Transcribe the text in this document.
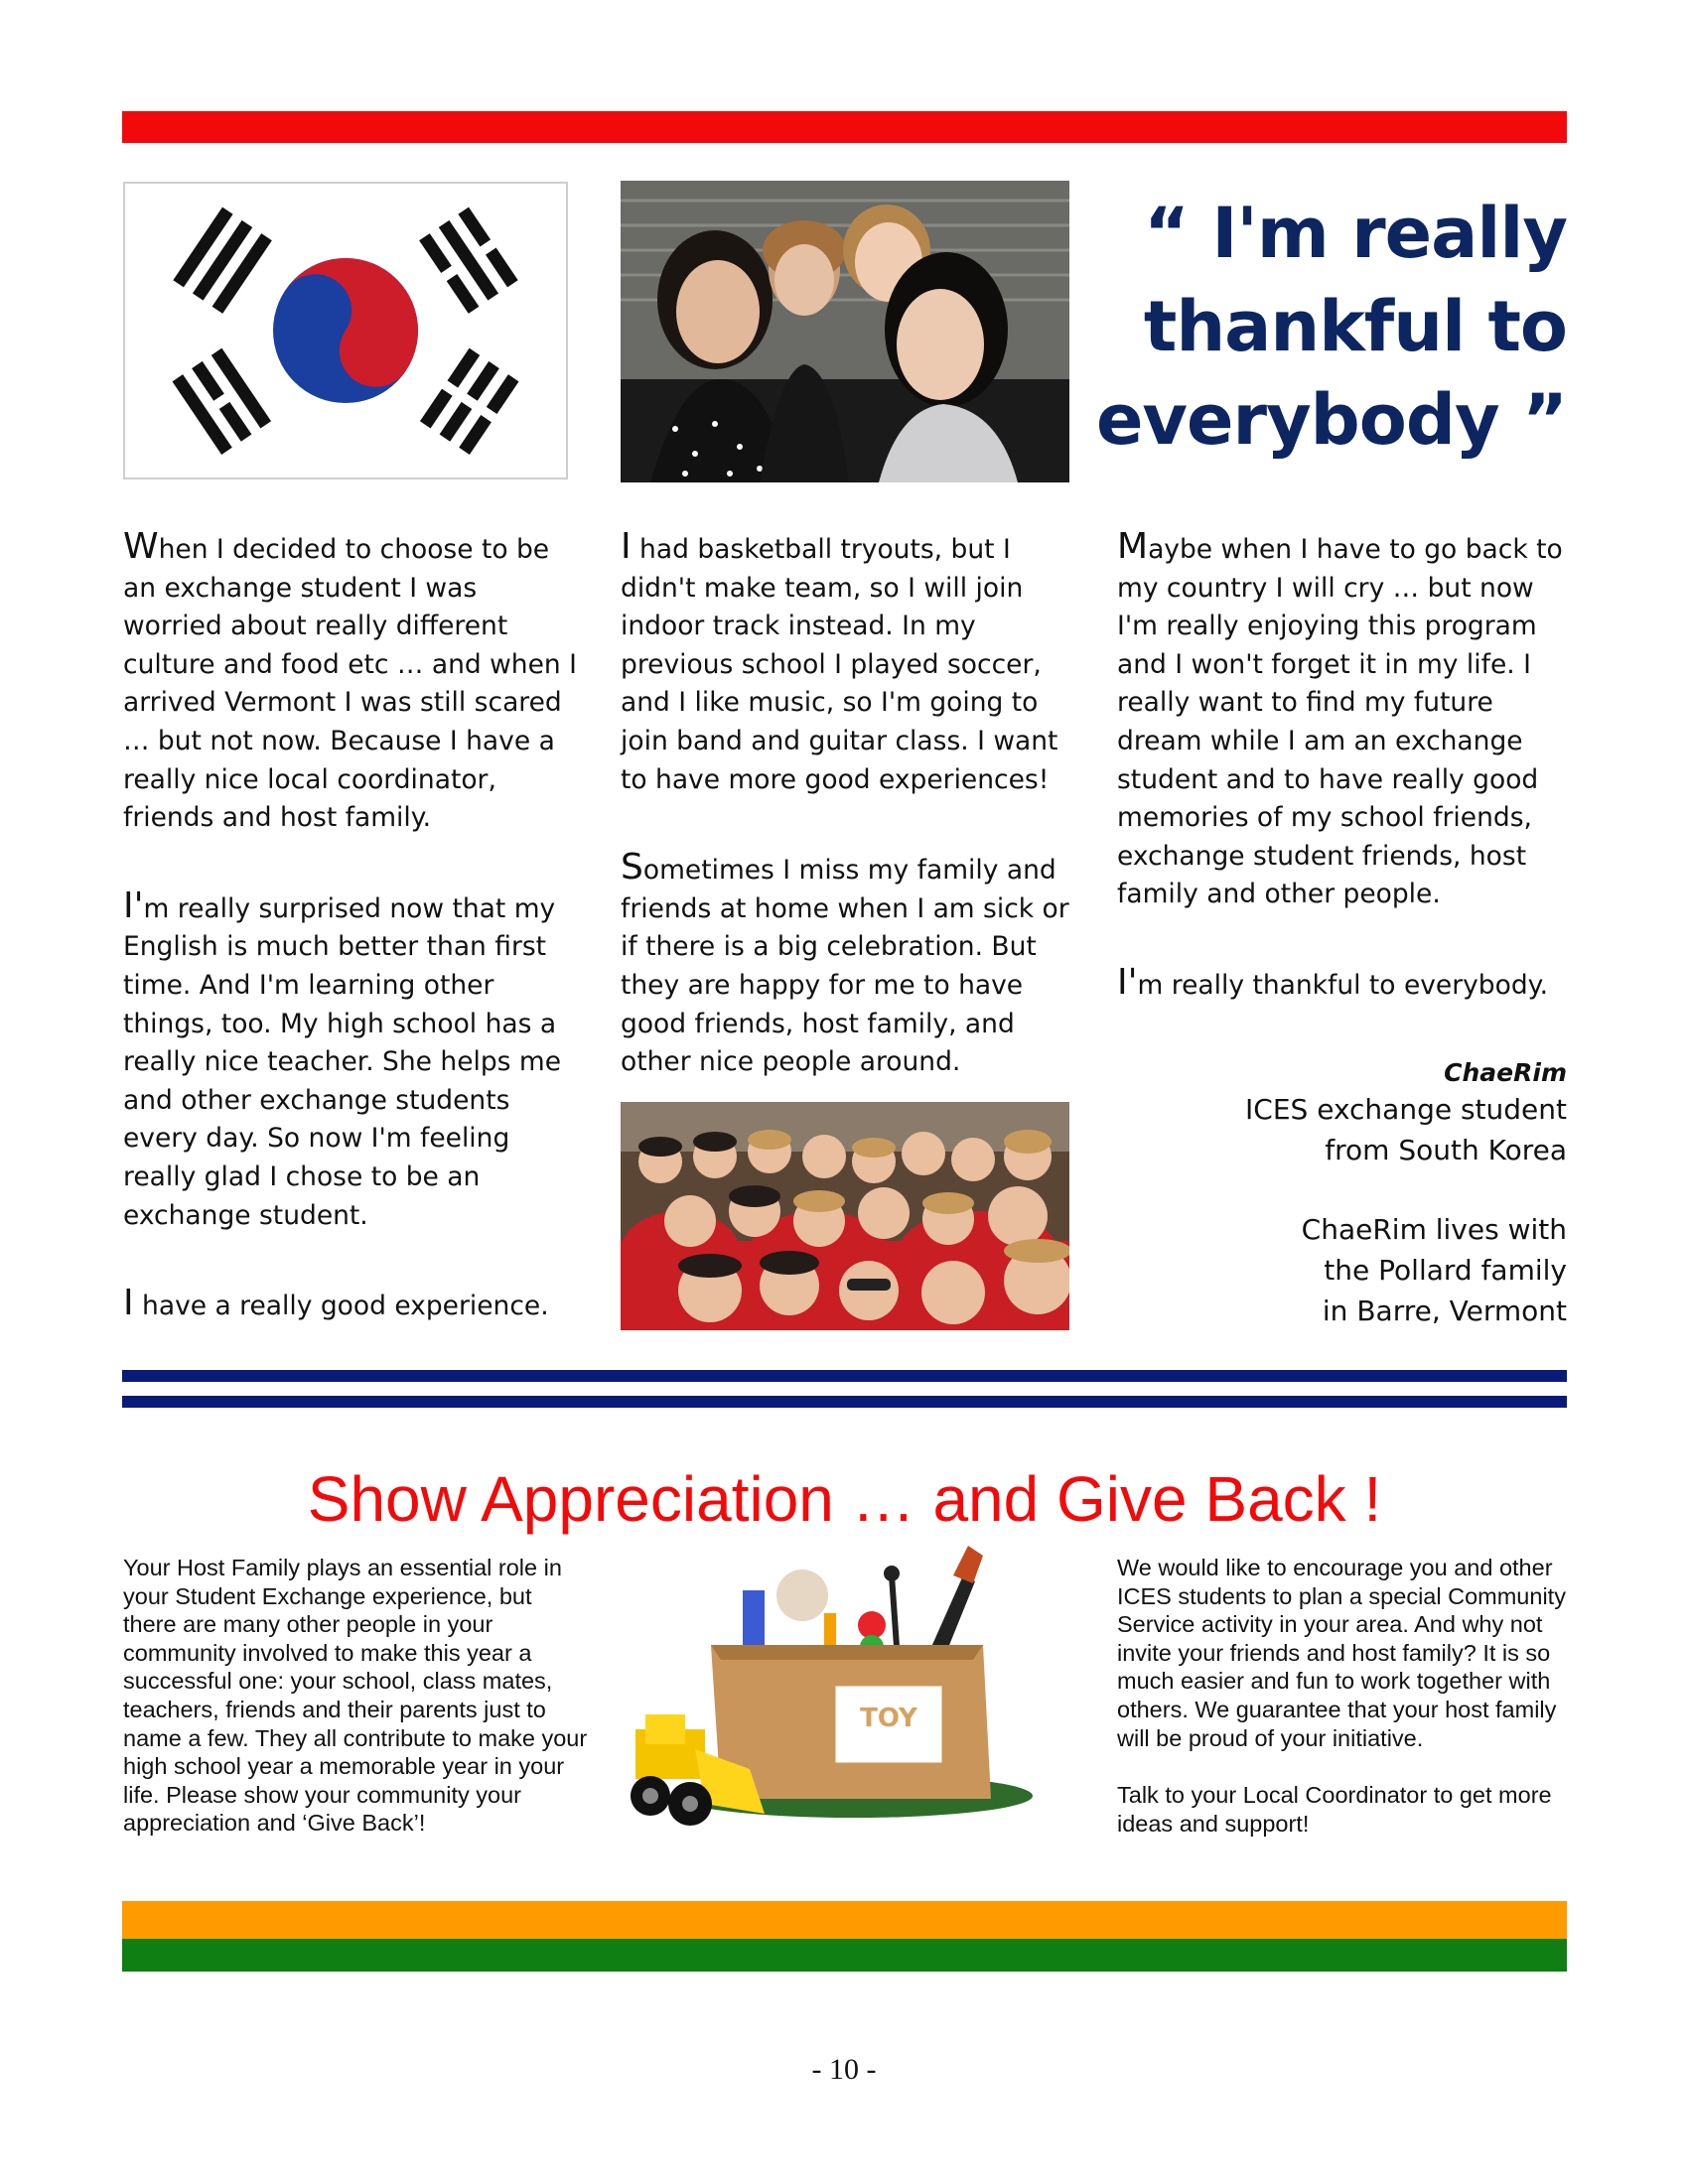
“ I'm really thankful to everybody ”

When I decided to choose to be an exchange student I was worried about really different culture and food etc … and when I arrived Vermont I was still scared … but not now. Because I have a really nice local coordinator, friends and host family.

I'm really surprised now that my English is much better than first time. And I'm learning other things, too. My high school has a really nice teacher. She helps me and other exchange students every day. So now I'm feeling really glad I chose to be an exchange student.

I have a really good experience.

I had basketball tryouts, but I didn't make team, so I will join indoor track instead. In my previous school I played soccer, and I like music, so I'm going to join band and guitar class. I want to have more good experiences!

Sometimes I miss my family and friends at home when I am sick or if there is a big celebration. But they are happy for me to have good friends, host family, and other nice people around.

Maybe when I have to go back to my country I will cry … but now I'm really enjoying this program and I won't forget it in my life. I really want to find my future dream while I am an exchange student and to have really good memories of my school friends, exchange student friends, host family and other people.

I'm really thankful to everybody.

ChaeRim
ICES exchange student
from South Korea
ChaeRim lives with
the Pollard family
in Barre, Vermont
Show Appreciation … and Give Back !

Your Host Family plays an essential role in your Student Exchange experience, but there are many other people in your community involved to make this year a successful one: your school, class mates, teachers, friends and their parents just to name a few. They all contribute to make your high school year a memorable year in your life. Please show your community your appreciation and ‘Give Back’!

TOY

We would like to encourage you and other ICES students to plan a special Community Service activity in your area. And why not invite your friends and host family? It is so much easier and fun to work together with others. We guarantee that your host family will be proud of your initiative.

Talk to your Local Coordinator to get more ideas and support!

- 10 -
